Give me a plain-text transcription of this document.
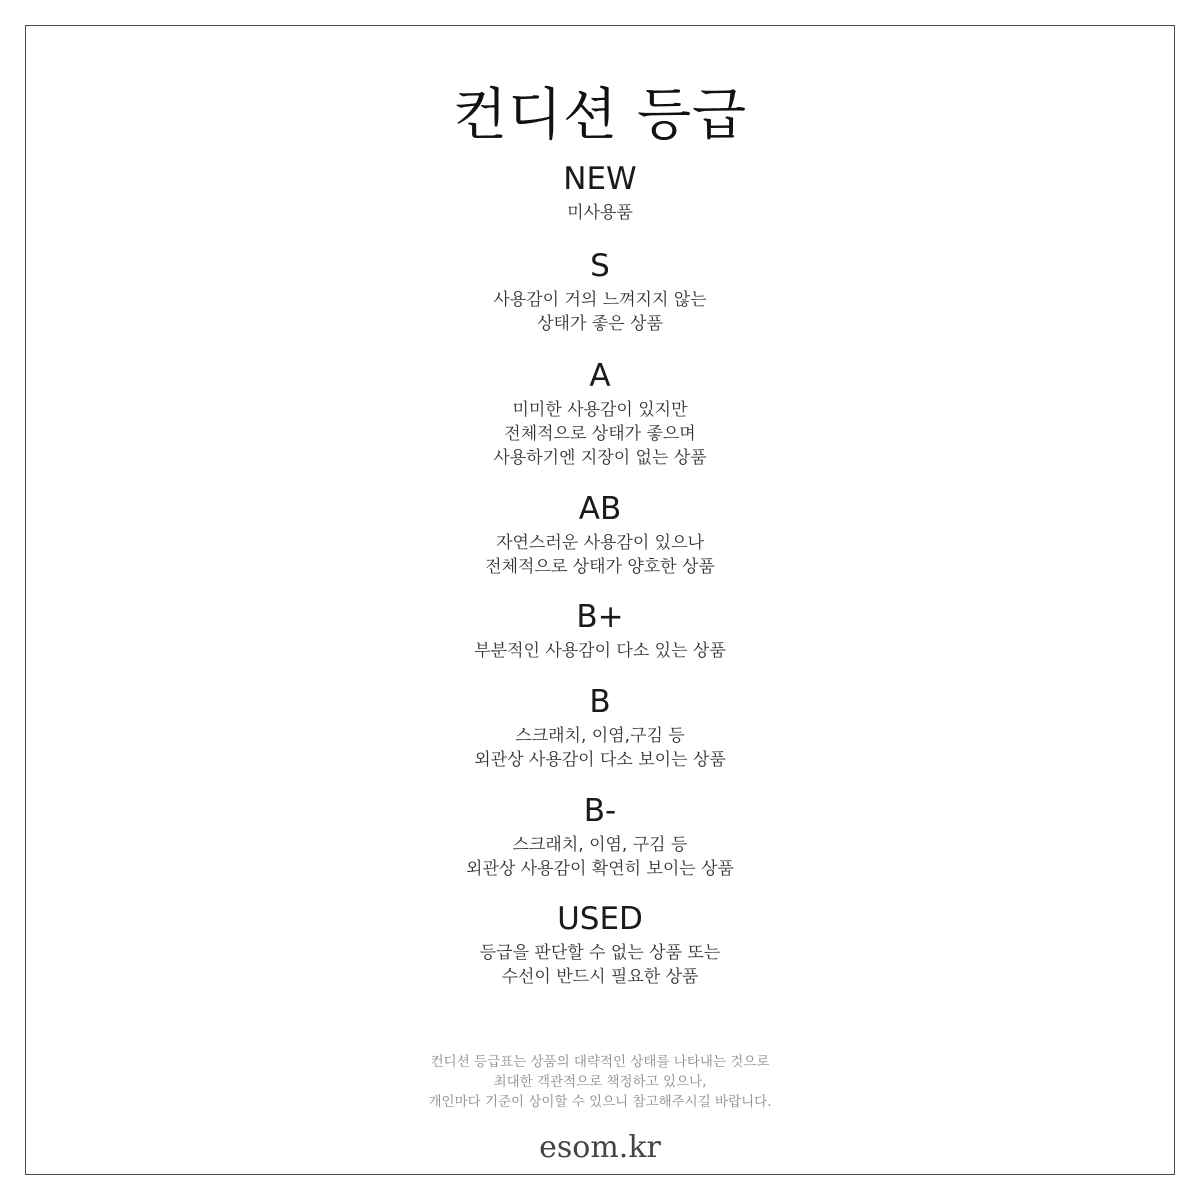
컨디션 등급
NEW
미사용품
S
사용감이 거의 느껴지지 않는
상태가 좋은 상품
A
미미한 사용감이 있지만
전체적으로 상태가 좋으며
사용하기엔 지장이 없는 상품
AB
자연스러운 사용감이 있으나
전체적으로 상태가 양호한 상품
B+
부분적인 사용감이 다소 있는 상품
B
스크래치, 이염,구김 등
외관상 사용감이 다소 보이는 상품
B-
스크래치, 이염, 구김 등
외관상 사용감이 확연히 보이는 상품
USED
등급을 판단할 수 없는 상품 또는
수선이 반드시 필요한 상품
컨디션 등급표는 상품의 대략적인 상태를 나타내는 것으로
최대한 객관적으로 책정하고 있으나,
개인마다 기준이 상이할 수 있으니 참고해주시길 바랍니다.
esom.kr
